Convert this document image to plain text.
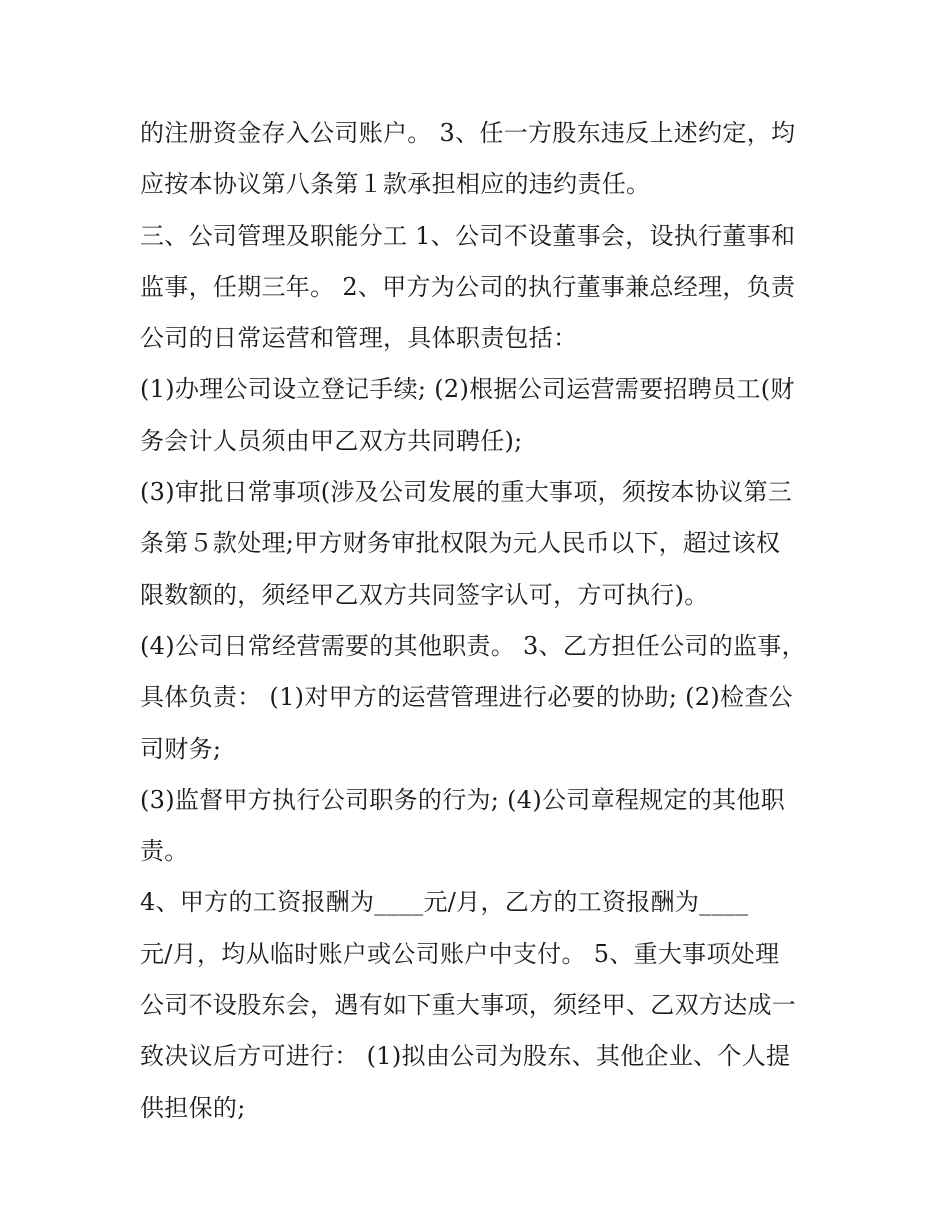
的注册资金存入公司账户。 3、任一方股东违反上述约定，均
应按本协议第八条第１款承担相应的违约责任。
三、公司管理及职能分工 1、公司不设董事会，设执行董事和
监事，任期三年。 2、甲方为公司的执行董事兼总经理，负责
公司的日常运营和管理，具体职责包括：
(1)办理公司设立登记手续; (2)根据公司运营需要招聘员工(财
务会计人员须由甲乙双方共同聘任);
(3)审批日常事项(涉及公司发展的重大事项，须按本协议第三
条第５款处理;甲方财务审批权限为元人民币以下，超过该权
限数额的，须经甲乙双方共同签字认可，方可执行)。
(4)公司日常经营需要的其他职责。 3、乙方担任公司的监事，
具体负责： (1)对甲方的运营管理进行必要的协助; (2)检查公
司财务;
(3)监督甲方执行公司职务的行为; (4)公司章程规定的其他职
责。
4、甲方的工资报酬为____元/月，乙方的工资报酬为____
元/月，均从临时账户或公司账户中支付。 5、重大事项处理
公司不设股东会，遇有如下重大事项，须经甲、乙双方达成一
致决议后方可进行： (1)拟由公司为股东、其他企业、个人提
供担保的;
